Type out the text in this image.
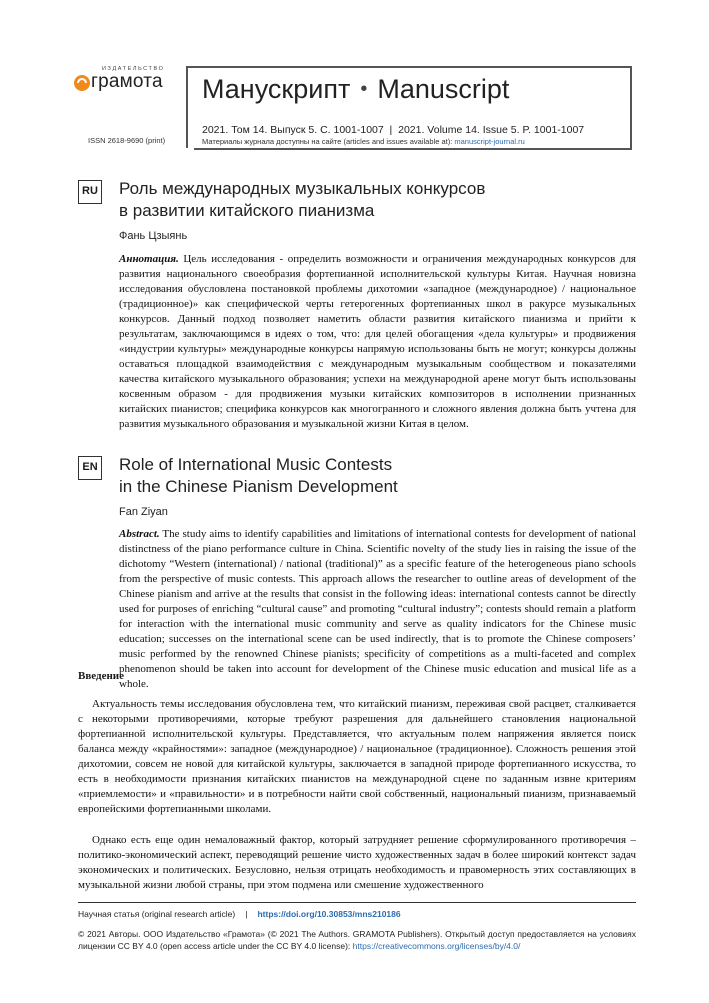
ИЗДАТЕЛЬСТВО
грамота
ISSN 2618-9690 (print)
Манускрипт • Manuscript
2021. Том 14. Выпуск 5. С. 1001-1007  |  2021. Volume 14. Issue 5. P. 1001-1007
Материалы журнала доступны на сайте (articles and issues available at): manuscript-journal.ru
RU Роль международных музыкальных конкурсов
в развитии китайского пианизма
Фань Цзыянь

Аннотация. Цель исследования - определить возможности и ограничения международных конкурсов для развития национального своеобразия фортепианной исполнительской культуры Китая. Научная новизна исследования обусловлена постановкой проблемы дихотомии «западное (международное) / национальное (традиционное)» как специфической черты гетерогенных фортепианных школ в ракурсе музыкальных конкурсов. Данный подход позволяет наметить области развития китайского пианизма и прийти к результатам, заключающимся в идеях о том, что: для целей обогащения «дела культуры» и продвижения «индустрии культуры» международные конкурсы напрямую использованы быть не могут; конкурсы должны оставаться площадкой взаимодействия с международным музыкальным сообществом и показателями качества китайского музыкального образования; успехи на международной арене могут быть использованы косвенным образом - для продвижения музыки китайских композиторов в исполнении признанных китайских пианистов; специфика конкурсов как многогранного и сложного явления должна быть учтена для развития музыкального образования и музыкальной жизни Китая в целом.

EN Role of International Music Contests
in the Chinese Pianism Development
Fan Ziyan

Abstract. The study aims to identify capabilities and limitations of international contests for development of national distinctness of the piano performance culture in China. Scientific novelty of the study lies in raising the issue of the dichotomy “Western (international) / national (traditional)” as a specific feature of the heterogeneous piano schools from the perspective of music contests. This approach allows the researcher to outline areas of development of the Chinese pianism and arrive at the results that consist in the following ideas: international contests cannot be directly used for purposes of enriching “cultural cause” and promoting “cultural industry”; contests should remain a platform for interaction with the international music community and serve as quality indicators for the Chinese music education; successes on the international scene can be used indirectly, that is to promote the Chinese composers’ music performed by the renowned Chinese pianists; specificity of competitions as a multi-faceted and complex phenomenon should be taken into account for development of the Chinese music education and musical life as a whole.

Введение

Актуальность темы исследования обусловлена тем, что китайский пианизм, переживая свой расцвет, сталкивается с некоторыми противоречиями, которые требуют разрешения для дальнейшего становления национальной фортепианной исполнительской культуры. Представляется, что актуальным полем напряжения является поиск баланса между «крайностями»: западное (международное) / национальное (традиционное). Сложность решения этой дихотомии, совсем не новой для китайской культуры, заключается в западной природе фортепианного искусства, то есть в необходимости признания китайских пианистов на международной сцене по заданным извне критериям «приемлемости» и «правильности» и в потребности найти свой собственный, национальный пианизм, признаваемый европейскими фортепианными школами.

Однако есть еще один немаловажный фактор, который затрудняет решение сформулированного противоречия – политико-экономический аспект, переводящий решение чисто художественных задач в более широкий контекст задач экономических и политических. Безусловно, нельзя отрицать необходимость и правомерность этих составляющих в музыкальной жизни любой страны, при этом подмена или смешение художественного

Научная статья (original research article) | https://doi.org/10.30853/mns210186

© 2021 Авторы. ООО Издательство «Грамота» (© 2021 The Authors. GRAMOTA Publishers). Открытый доступ предоставляется на условиях лицензии CC BY 4.0 (open access article under the CC BY 4.0 license): https://creativecommons.org/licenses/by/4.0/
